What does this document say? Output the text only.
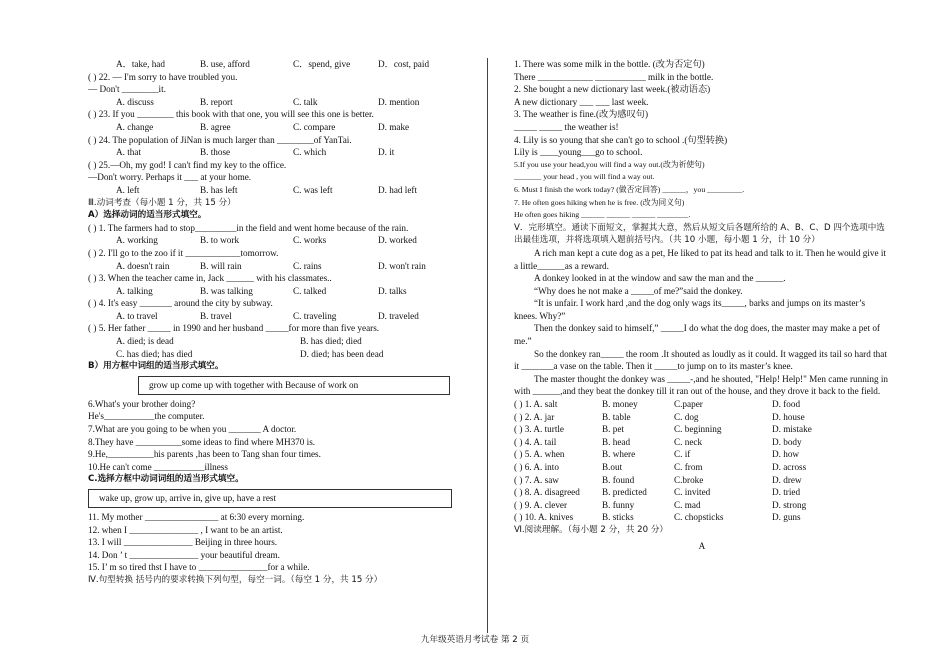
A．take, had	B. use, afford	C．spend, give	D．cost, paid
( ) 22. — I'm sorry to have troubled you.
— Don't ________it.
A. discuss	B. report	C. talk	D. mention
( ) 23. If you ________ this book with that one, you will see this one is better.
A. change	B. agree	C. compare	D. make
( ) 24. The population of JiNan is much larger than ________of YanTai.
A. that	B. those	C. which	D. it
( ) 25.—Oh, my god! I can't find my key to the office.
—Don't worry. Perhaps it ___ at your home.
A. left	B. has left	C. was left	D. had left
Ⅲ.动词考查（每小题 1 分，共 15 分）
A）选择动词的适当形式填空。
( ) 1. The farmers had to stop_________in the field and went home because of the rain.
A. working	B. to work	C. works	D. worked
( ) 2. I'll go to the zoo if it ____________tomorrow.
A. doesn't rain	B. will rain	C. rains	D. won't rain
( ) 3. When the teacher came in, Jack ______ with his classmates..
A. talking	B. was talking	C. talked	D. talks
( ) 4. It's easy _______ around the city by subway.
A. to travel	B. travel	C. traveling	D. traveled
( ) 5. Her father _____ in 1990 and her husband _____for more than five years.
A. died; is dead	B. has died; died
C. has died; has died	D. died; has been dead
B）用方框中词组的适当形式填空。
grow up come up with together with Because of work on
6.What's your brother doing?
He's___________the computer.
7.What are you going to be when you _______ A doctor.
8.They have __________some ideas to find where MH370 is.
9.He,__________his parents ,has been to Tang shan four times.
10.He can't come ___________illness
C.选择方框中动词词组的适当形式填空。
wake up, grow up, arrive in, give up, have a rest
11. My mother ________________ at 6:30 every morning.
12. when I _______________ , I want to be an artist.
13. I will _______________ Beijing in three hours.
14. Don ’ t _______________ your beautiful dream.
15. I’ m so tired thst I have to _______________for a while.
Ⅳ.句型转换 括号内的要求转换下列句型，每空一词。（每空 1 分，共 15 分）
1. There was some milk in the bottle. (改为否定句)
There ____________ ___________ milk in the bottle.
2. She bought a new dictionary last week.(被动语态)
A new dictionary ___ ___ last week.
3. The weather is fine.(改为感叹句)
_____ _____ the weather is!
4. Lily is so young that she can't go to school .(句型转换)
Lily is ____young___go to school.
5.If you use your head,you will find a way out.(改为祈使句)
_______ your head , you will find a way out.
6. Must I finish the work today? (做否定回答) ______，you _________.
7. He often goes hiking when he is free. (改为同义句)
He often goes hiking ______ ______ ______ ________.
Ⅴ．完形填空。通读下面短文，掌握其大意，然后从短文后各题所给的 A、B、C、D 四个选项中选出最佳选项，并将选项填入题前括号内。（共 10 小题，每小题 1 分，计 10 分）
A rich man kept a cute dog as a pet, He liked to pat its head and talk to it. Then he would give it a little______as a reward.
A donkey looked in at the window and saw the man and the ______.
“Why does he not make a _____of me?”said the donkey.
“It is unfair. I work hard ,and the dog only wags its_____, barks and jumps on its master’s knees. Why?”
Then the donkey said to himself,” _____I do what the dog does, the master may make a pet of me.”
So the donkey ran_____ the room .It shouted as loudly as it could. It wagged its tail so hard that it _______a vase on the table. Then it _____to jump on to its master’s knee.
The master thought the donkey was _____-,and he shouted, "Help! Help!" Men came running in with ______,and they beat the donkey till it ran out of the house, and they drove it back to the field.
( ) 1. A. salt	B. money	C.paper	D. food
( ) 2. A. jar	B. table	C. dog	D. house
( ) 3. A. turtle	B. pet	C. beginning	D. mistake
( ) 4. A. tail	B. head	C. neck	D. body
( ) 5. A. when	B. where	C. if	D. how
( ) 6. A. into	B.out	C. from	D. across
( ) 7. A. saw	B. found	C.broke	D. drew
( ) 8. A. disagreed B. predicted	C. invited	D. tried
( ) 9. A. clever	B. funny	C. mad	D. strong
( ) 10. A. knives	B. sticks	C. chopsticks	D. guns
Ⅵ.阅读理解。（每小题 2 分，共 20 分）
A
九年级英语月考试卷 第 2 页
